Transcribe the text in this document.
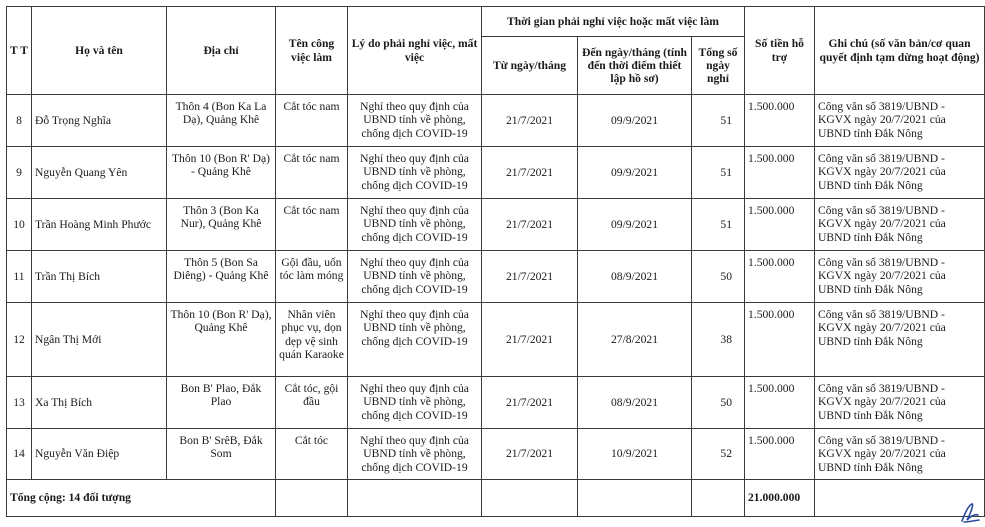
T T	Họ và tên	Địa chỉ	Tên công việc làm	Lý do phải nghỉ việc, mất việc	Thời gian phải nghỉ việc hoặc mất việc làm			Số tiền hỗ trợ	Ghi chú (số văn bản/cơ quan quyết định tạm dừng hoạt động)
					Từ ngày/tháng	Đến ngày/tháng (tính đến thời điểm thiết lập hồ sơ)	Tổng số ngày nghỉ		
8	Đỗ Trọng Nghĩa	Thôn 4 (Bon Ka La Dạ), Quảng Khê	Cắt tóc nam	Nghỉ theo quy định của UBND tỉnh về phòng, chống dịch COVID-19	21/7/2021	09/9/2021	51	1.500.000	Công văn số 3819/UBND - KGVX ngày 20/7/2021 của UBND tỉnh Đắk Nông
9	Nguyễn Quang Yên	Thôn 10 (Bon R' Dạ) - Quảng Khê	Cắt tóc nam	Nghỉ theo quy định của UBND tỉnh về phòng, chống dịch COVID-19	21/7/2021	09/9/2021	51	1.500.000	Công văn số 3819/UBND - KGVX ngày 20/7/2021 của UBND tỉnh Đắk Nông
10	Trần Hoàng Minh Phước	Thôn 3 (Bon Ka Nur), Quảng Khê	Cắt tóc nam	Nghỉ theo quy định của UBND tỉnh về phòng, chống dịch COVID-19	21/7/2021	09/9/2021	51	1.500.000	Công văn số 3819/UBND - KGVX ngày 20/7/2021 của UBND tỉnh Đắk Nông
11	Trần Thị Bích	Thôn 5 (Bon Sa Diêng) - Quảng Khê	Gội đầu, uốn tóc làm móng	Nghỉ theo quy định của UBND tỉnh về phòng, chống dịch COVID-19	21/7/2021	08/9/2021	50	1.500.000	Công văn số 3819/UBND - KGVX ngày 20/7/2021 của UBND tỉnh Đắk Nông
12	Ngân Thị Mới	Thôn 10 (Bon R' Dạ), Quảng Khê	Nhân viên phục vụ, dọn dẹp vệ sinh quán Karaoke	Nghỉ theo quy định của UBND tỉnh về phòng, chống dịch COVID-19	21/7/2021	27/8/2021	38	1.500.000	Công văn số 3819/UBND - KGVX ngày 20/7/2021 của UBND tỉnh Đắk Nông
13	Xa Thị Bích	Bon B' Plao, Đắk Plao	Cắt tóc, gội đầu	Nghỉ theo quy định của UBND tỉnh về phòng, chống dịch COVID-19	21/7/2021	08/9/2021	50	1.500.000	Công văn số 3819/UBND - KGVX ngày 20/7/2021 của UBND tỉnh Đắk Nông
14	Nguyễn Văn Điệp	Bon B' SrêB, Đắk Som	Cắt tóc	Nghỉ theo quy định của UBND tỉnh về phòng, chống dịch COVID-19	21/7/2021	10/9/2021	52	1.500.000	Công văn số 3819/UBND - KGVX ngày 20/7/2021 của UBND tỉnh Đắk Nông
Tổng cộng: 14 đối tượng								21.000.000	
